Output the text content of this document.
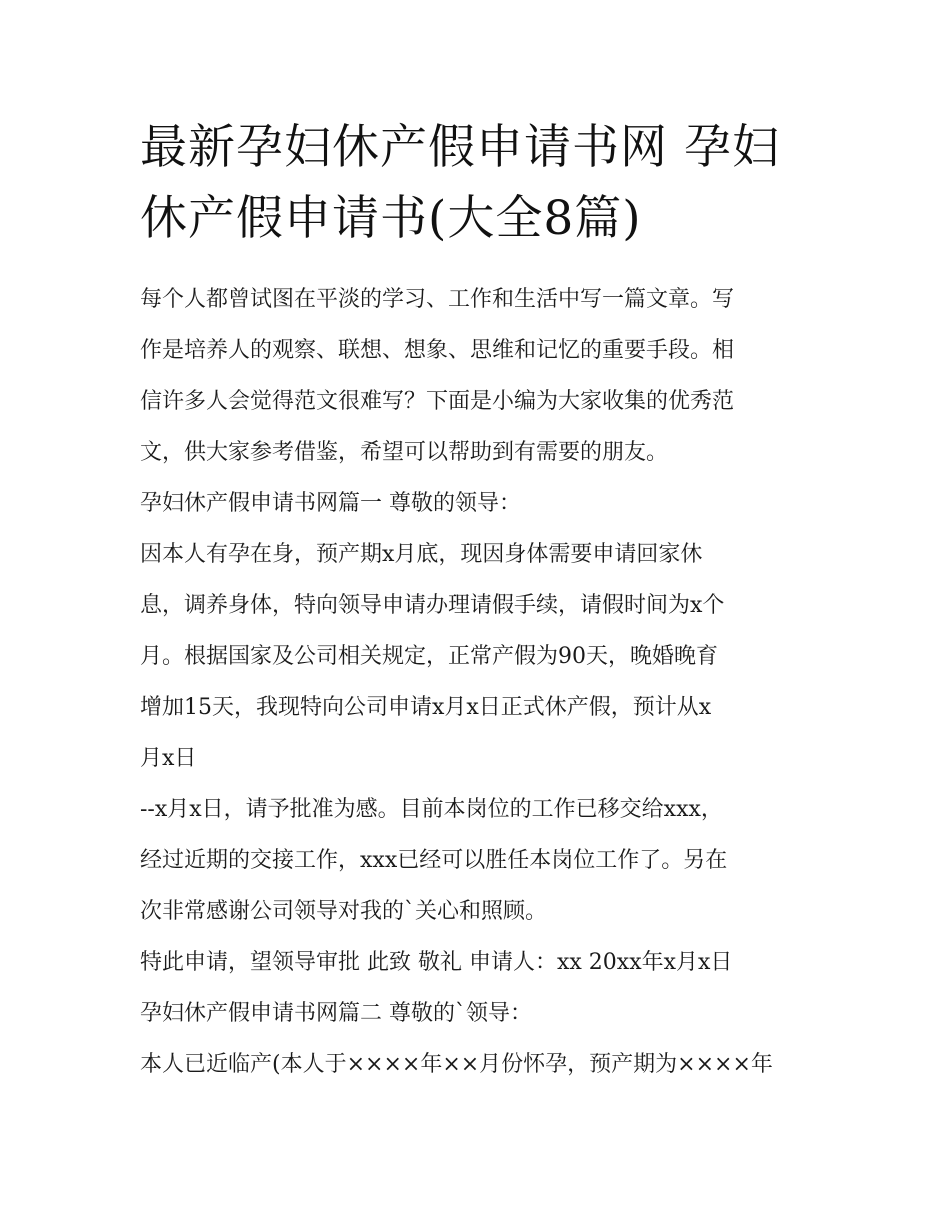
最新孕妇休产假申请书网 孕妇
休产假申请书(大全8篇)

每个人都曾试图在平淡的学习、工作和生活中写一篇文章。写
作是培养人的观察、联想、想象、思维和记忆的重要手段。相
信许多人会觉得范文很难写？下面是小编为大家收集的优秀范
文，供大家参考借鉴，希望可以帮助到有需要的朋友。

孕妇休产假申请书网篇一 尊敬的领导：

因本人有孕在身，预产期x月底，现因身体需要申请回家休
息，调养身体，特向领导申请办理请假手续，请假时间为x个
月。根据国家及公司相关规定，正常产假为90天，晚婚晚育
增加15天，我现特向公司申请x月x日正式休产假，预计从x
月x日

--x月x日，请予批准为感。目前本岗位的工作已移交给xxx，
经过近期的交接工作，xxx已经可以胜任本岗位工作了。另在
次非常感谢公司领导对我的`关心和照顾。

特此申请，望领导审批 此致 敬礼 申请人：xx 20xx年x月x日

孕妇休产假申请书网篇二 尊敬的`领导：

本人已近临产(本人于××××年××月份怀孕，预产期为××××年
